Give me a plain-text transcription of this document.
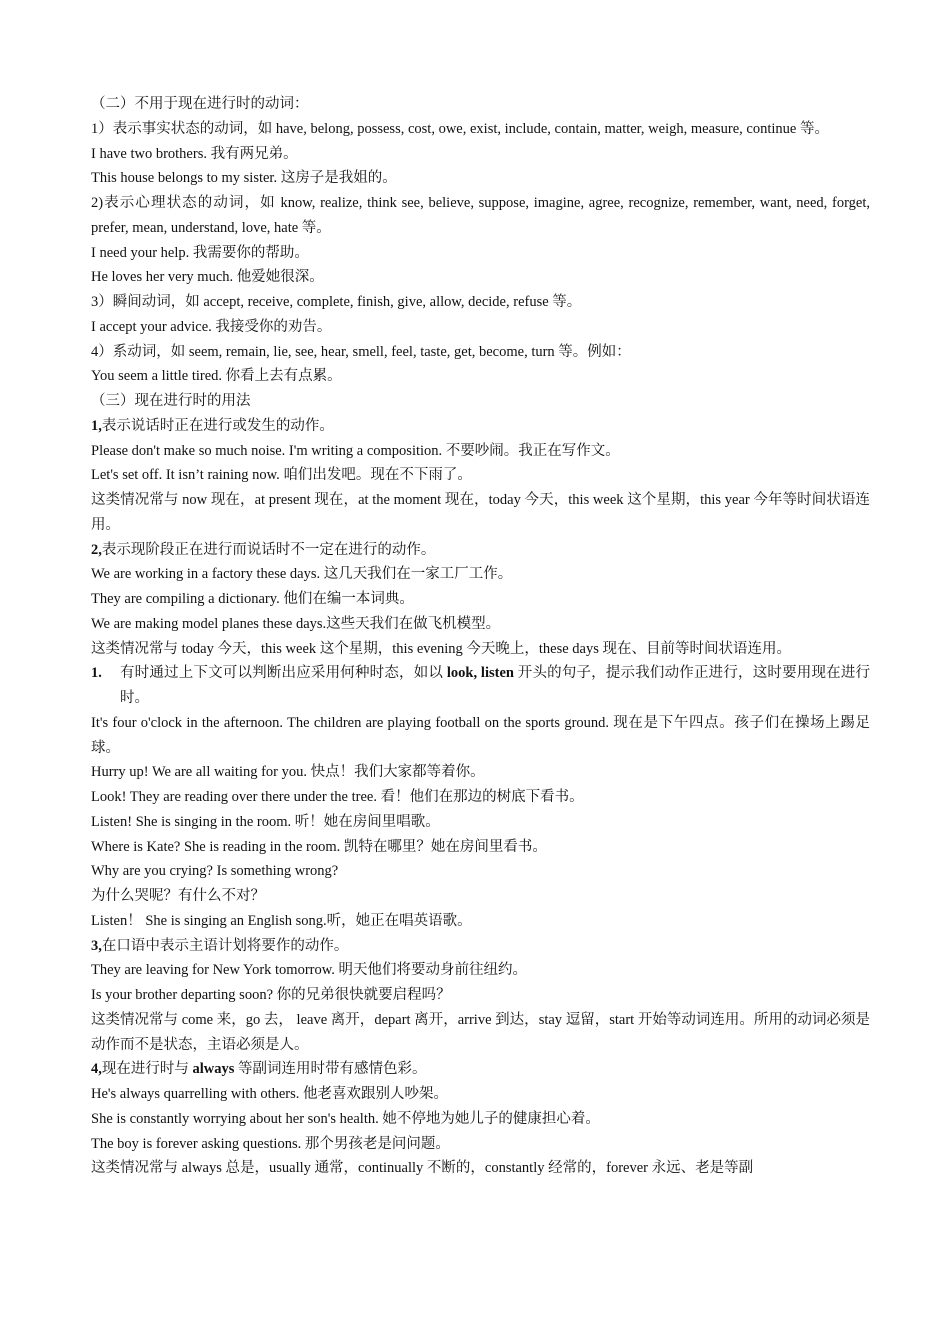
（二）不用于现在进行时的动词：

1）表示事实状态的动词，如 have, belong, possess, cost, owe, exist, include, contain, matter, weigh, measure, continue 等。

I have two brothers. 我有两兄弟。

This house belongs to my sister. 这房子是我姐的。

2)表示心理状态的动词，如 know, realize, think see, believe, suppose, imagine, agree, recognize, remember, want, need, forget, prefer, mean, understand, love, hate 等。

I need your help. 我需要你的帮助。

He loves her very much. 他爱她很深。

3）瞬间动词，如 accept, receive, complete, finish, give, allow, decide, refuse 等。

I accept your advice. 我接受你的劝告。

4）系动词，如 seem, remain, lie, see, hear, smell, feel, taste, get, become, turn 等。例如：

You seem a little tired. 你看上去有点累。

（三）现在进行时的用法

1,表示说话时正在进行或发生的动作。

Please don't make so much noise. I'm writing a composition. 不要吵闹。我正在写作文。

Let's set off. It isn’t raining now. 咱们出发吧。现在不下雨了。

这类情况常与 now 现在，at present 现在，at the moment 现在，today 今天，this week 这个星期，this year 今年等时间状语连用。

2,表示现阶段正在进行而说话时不一定在进行的动作。

We are working in a factory these days. 这几天我们在一家工厂工作。

They are compiling a dictionary. 他们在编一本词典。

We are making model planes these days.这些天我们在做飞机模型。

这类情况常与 today 今天，this week 这个星期，this evening 今天晚上，these days 现在、目前等时间状语连用。

1.	有时通过上下文可以判断出应采用何种时态，如以 look, listen 开头的句子，提示我们动作正进行，这时要用现在进行时。

It's four o'clock in the afternoon. The children are playing football on the sports ground. 现在是下午四点。孩子们在操场上踢足球。

Hurry up! We are all waiting for you. 快点！我们大家都等着你。

Look! They are reading over there under the tree. 看！他们在那边的树底下看书。

Listen! She is singing in the room. 听！她在房间里唱歌。

Where is Kate? She is reading in the room. 凯特在哪里？她在房间里看书。

Why are you crying? Is something wrong?

为什么哭呢？有什么不对？

Listen！ She is singing an English song.听，她正在唱英语歌。

3,在口语中表示主语计划将要作的动作。

They are leaving for New York tomorrow. 明天他们将要动身前往纽约。

Is your brother departing soon? 你的兄弟很快就要启程吗？

这类情况常与 come 来，go 去， leave 离开，depart 离开，arrive 到达，stay 逗留，start 开始等动词连用。所用的动词必须是动作而不是状态，主语必须是人。

4,现在进行时与 always 等副词连用时带有感情色彩。

He's always quarrelling with others. 他老喜欢跟别人吵架。

She is constantly worrying about her son's health. 她不停地为她儿子的健康担心着。

The boy is forever asking questions. 那个男孩老是问问题。

这类情况常与 always 总是，usually 通常，continually 不断的，constantly 经常的，forever 永远、老是等副
